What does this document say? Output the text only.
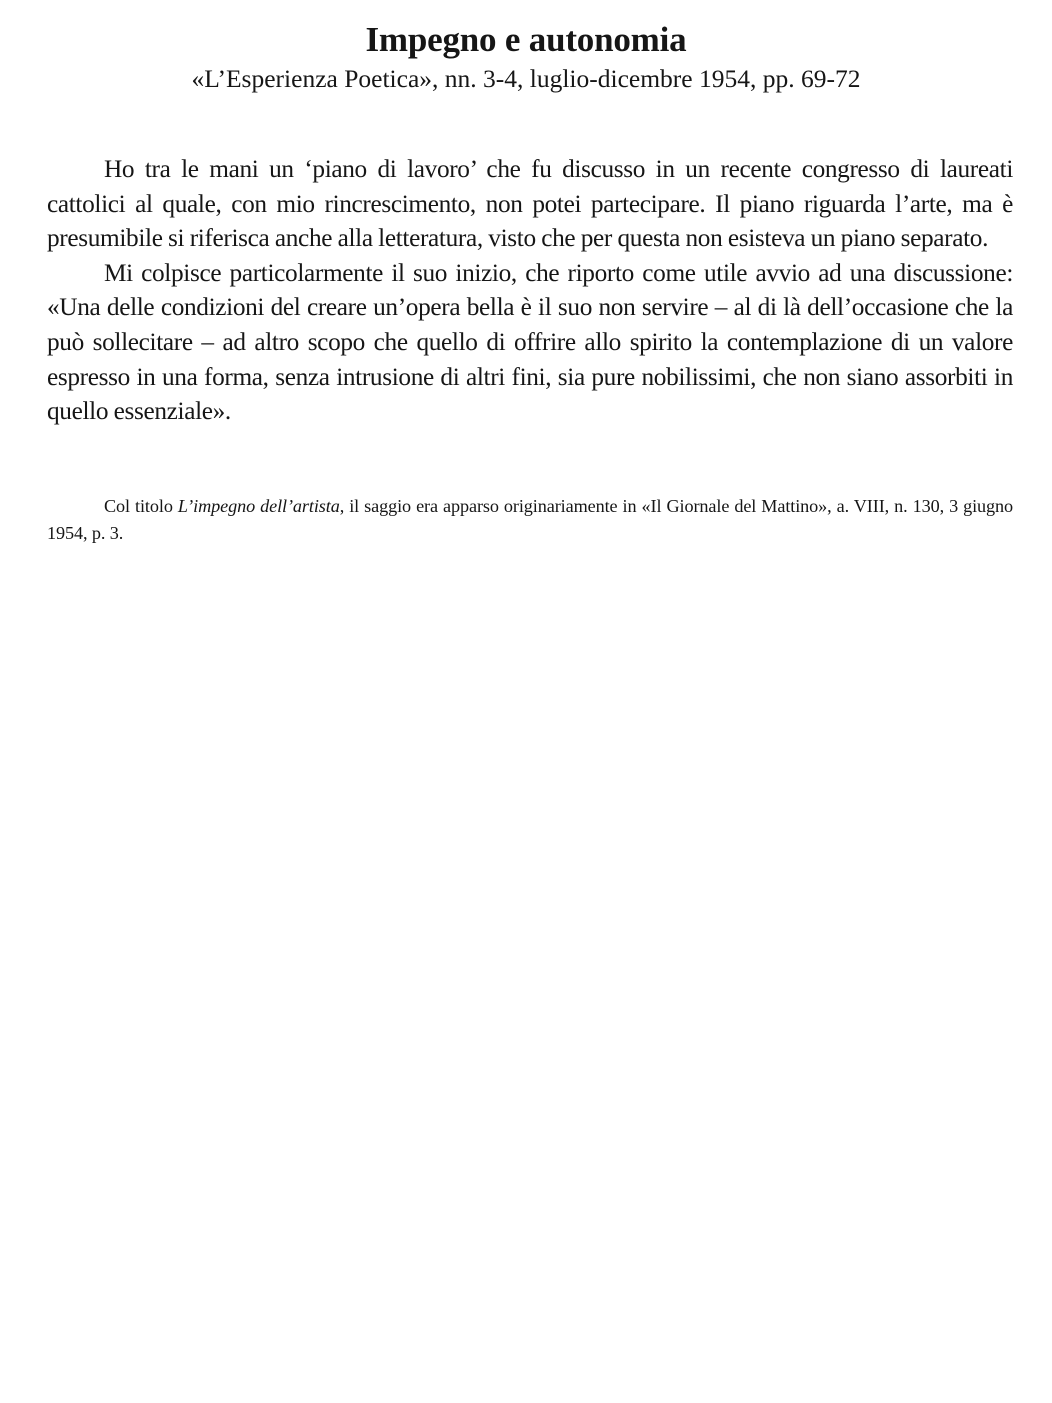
Impegno e autonomia
«L’Esperienza Poetica», nn. 3-4, luglio-dicembre 1954, pp. 69-72

Ho tra le mani un ‘piano di lavoro’ che fu discusso in un recente congresso di laureati cattolici al quale, con mio rincrescimento, non potei partecipare. Il piano riguarda l’arte, ma è presumibile si riferisca anche alla letteratura, visto che per questa non esisteva un piano separato.

Mi colpisce particolarmente il suo inizio, che riporto come utile avvio ad una discussione: «Una delle condizioni del creare un’opera bella è il suo non servire – al di là dell’occasione che la può sollecitare – ad altro scopo che quello di offrire allo spirito la contemplazione di un valore espresso in una forma, senza intrusione di altri fini, sia pure nobilissimi, che non siano assorbiti in quello essenziale».

Col titolo L’impegno dell’artista, il saggio era apparso originariamente in «Il Giornale del Mattino», a. VIII, n. 130, 3 giugno 1954, p. 3.
